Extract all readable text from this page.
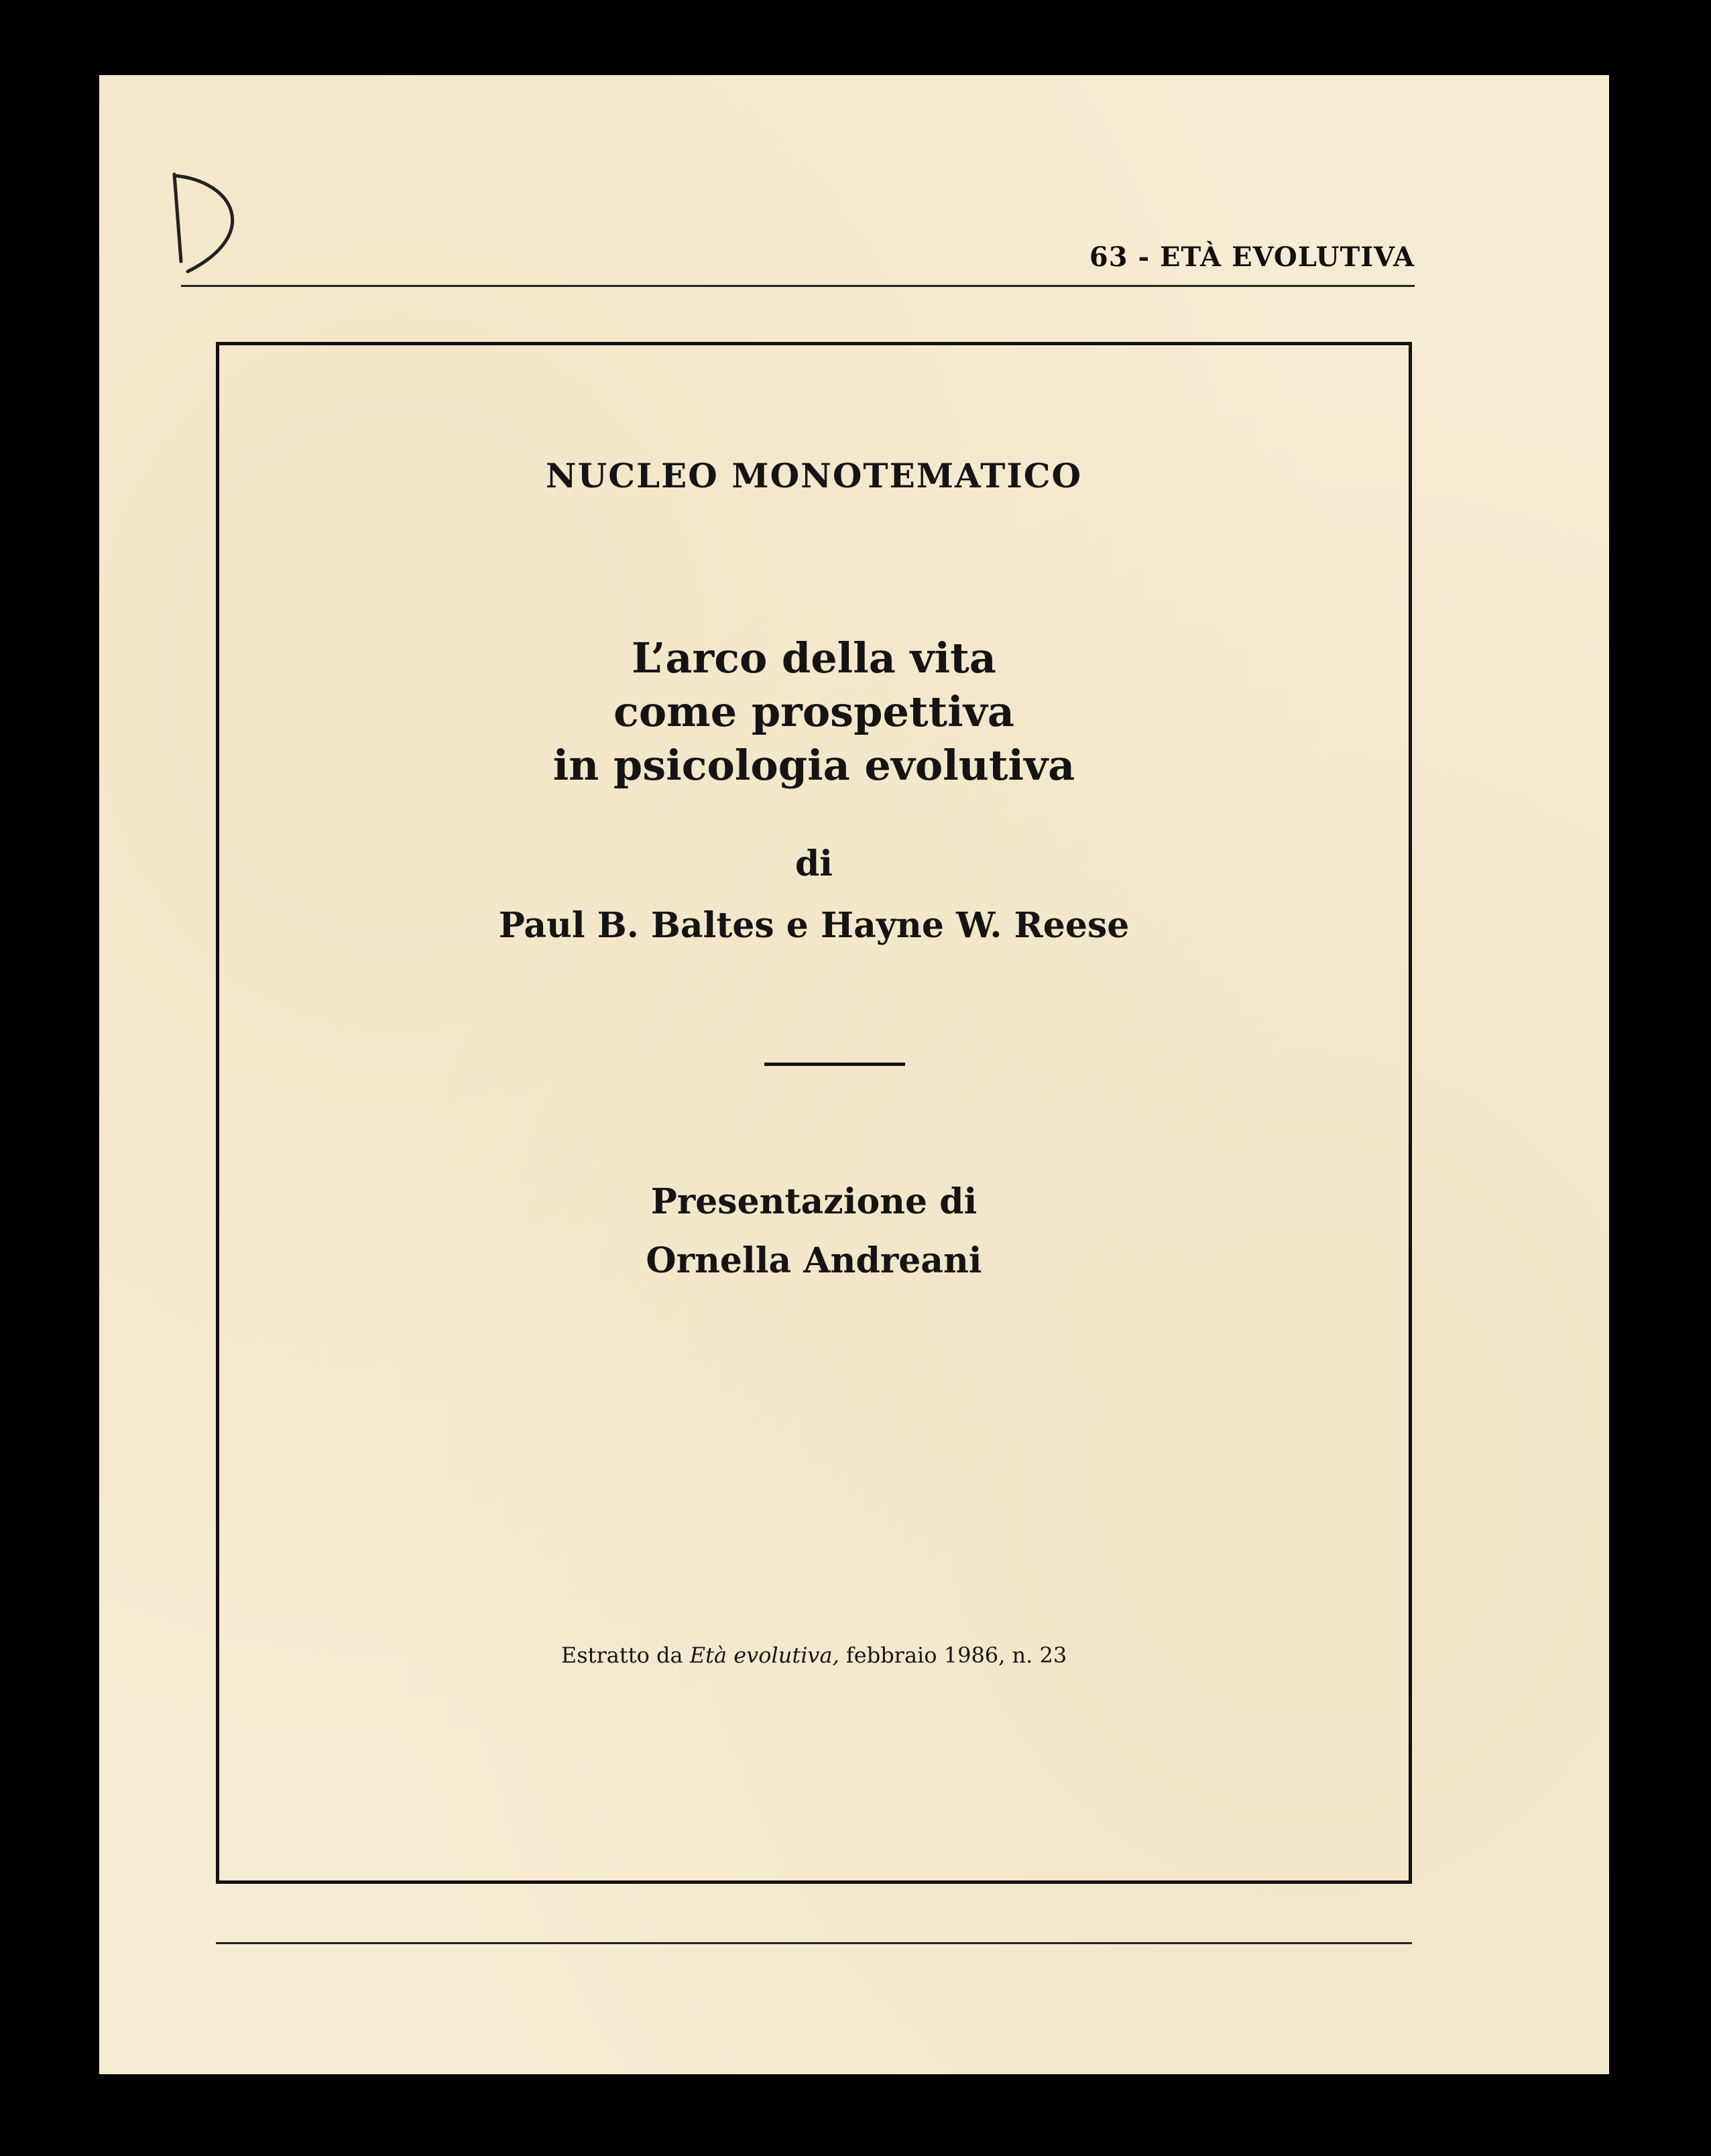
63 - ETÀ EVOLUTIVA
NUCLEO MONOTEMATICO
L’arco della vita
come prospettiva
in psicologia evolutiva
di
Paul B. Baltes e Hayne W. Reese
Presentazione di
Ornella Andreani
Estratto da Età evolutiva, febbraio 1986, n. 23
